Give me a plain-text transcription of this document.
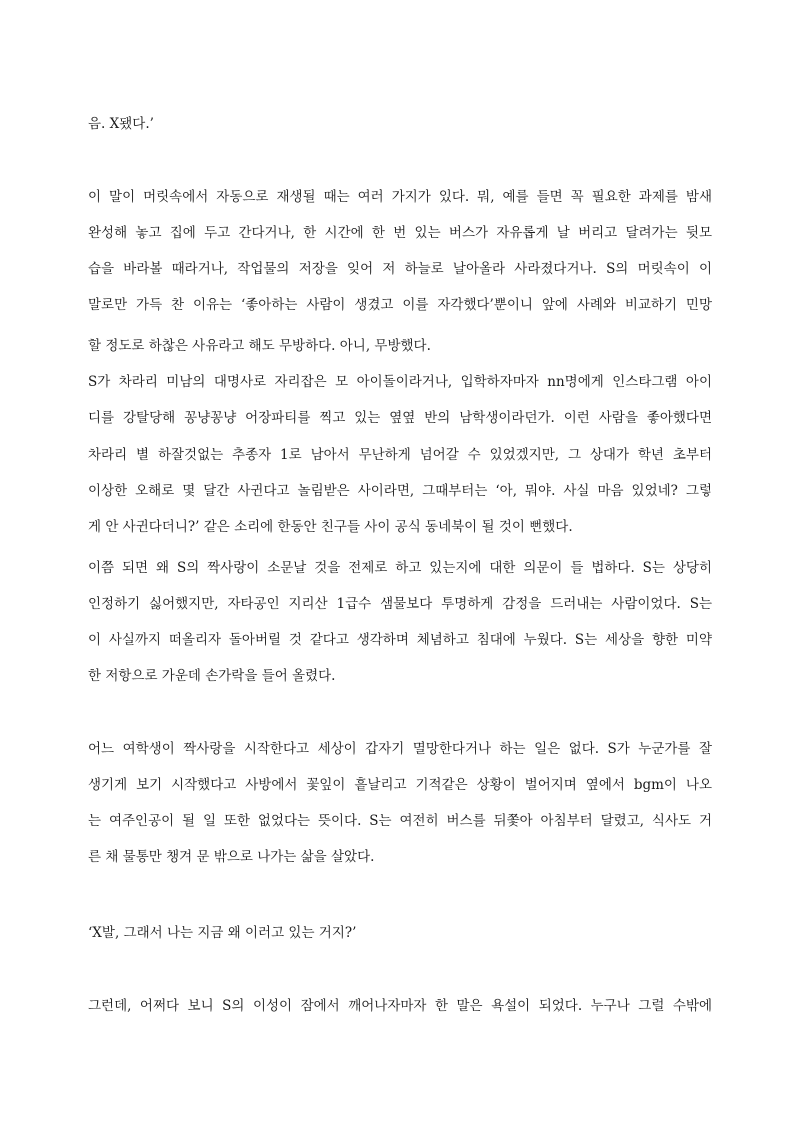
음. X됐다.’
이 말이 머릿속에서 자동으로 재생될 때는 여러 가지가 있다. 뭐, 예를 들면 꼭 필요한 과제를 밤새
완성해 놓고 집에 두고 간다거나, 한 시간에 한 번 있는 버스가 자유롭게 날 버리고 달려가는 뒷모
습을 바라볼 때라거나, 작업물의 저장을 잊어 저 하늘로 날아올라 사라졌다거나. S의 머릿속이 이
말로만 가득 찬 이유는 ‘좋아하는 사람이 생겼고 이를 자각했다’뿐이니 앞에 사례와 비교하기 민망
할 정도로 하찮은 사유라고 해도 무방하다. 아니, 무방했다.
S가 차라리 미남의 대명사로 자리잡은 모 아이돌이라거나, 입학하자마자 nn명에게 인스타그램 아이
디를 강탈당해 꽁냥꽁냥 어장파티를 찍고 있는 옆옆 반의 남학생이라던가. 이런 사람을 좋아했다면
차라리 별 하잘것없는 추종자 1로 남아서 무난하게 넘어갈 수 있었겠지만, 그 상대가 학년 초부터
이상한 오해로 몇 달간 사귄다고 놀림받은 사이라면, 그때부터는 ‘아, 뭐야. 사실 마음 있었네? 그렇
게 안 사귄다더니?’ 같은 소리에 한동안 친구들 사이 공식 동네북이 될 것이 뻔했다.
이쯤 되면 왜 S의 짝사랑이 소문날 것을 전제로 하고 있는지에 대한 의문이 들 법하다. S는 상당히
인정하기 싫어했지만, 자타공인 지리산 1급수 샘물보다 투명하게 감정을 드러내는 사람이었다. S는
이 사실까지 떠올리자 돌아버릴 것 같다고 생각하며 체념하고 침대에 누웠다. S는 세상을 향한 미약
한 저항으로 가운데 손가락을 들어 올렸다.
어느 여학생이 짝사랑을 시작한다고 세상이 갑자기 멸망한다거나 하는 일은 없다. S가 누군가를 잘
생기게 보기 시작했다고 사방에서 꽃잎이 흩날리고 기적같은 상황이 벌어지며 옆에서 bgm이 나오
는 여주인공이 될 일 또한 없었다는 뜻이다. S는 여전히 버스를 뒤쫓아 아침부터 달렸고, 식사도 거
른 채 물통만 챙겨 문 밖으로 나가는 삶을 살았다.
‘X발, 그래서 나는 지금 왜 이러고 있는 거지?’
그런데, 어쩌다 보니 S의 이성이 잠에서 깨어나자마자 한 말은 욕설이 되었다. 누구나 그럴 수밖에
